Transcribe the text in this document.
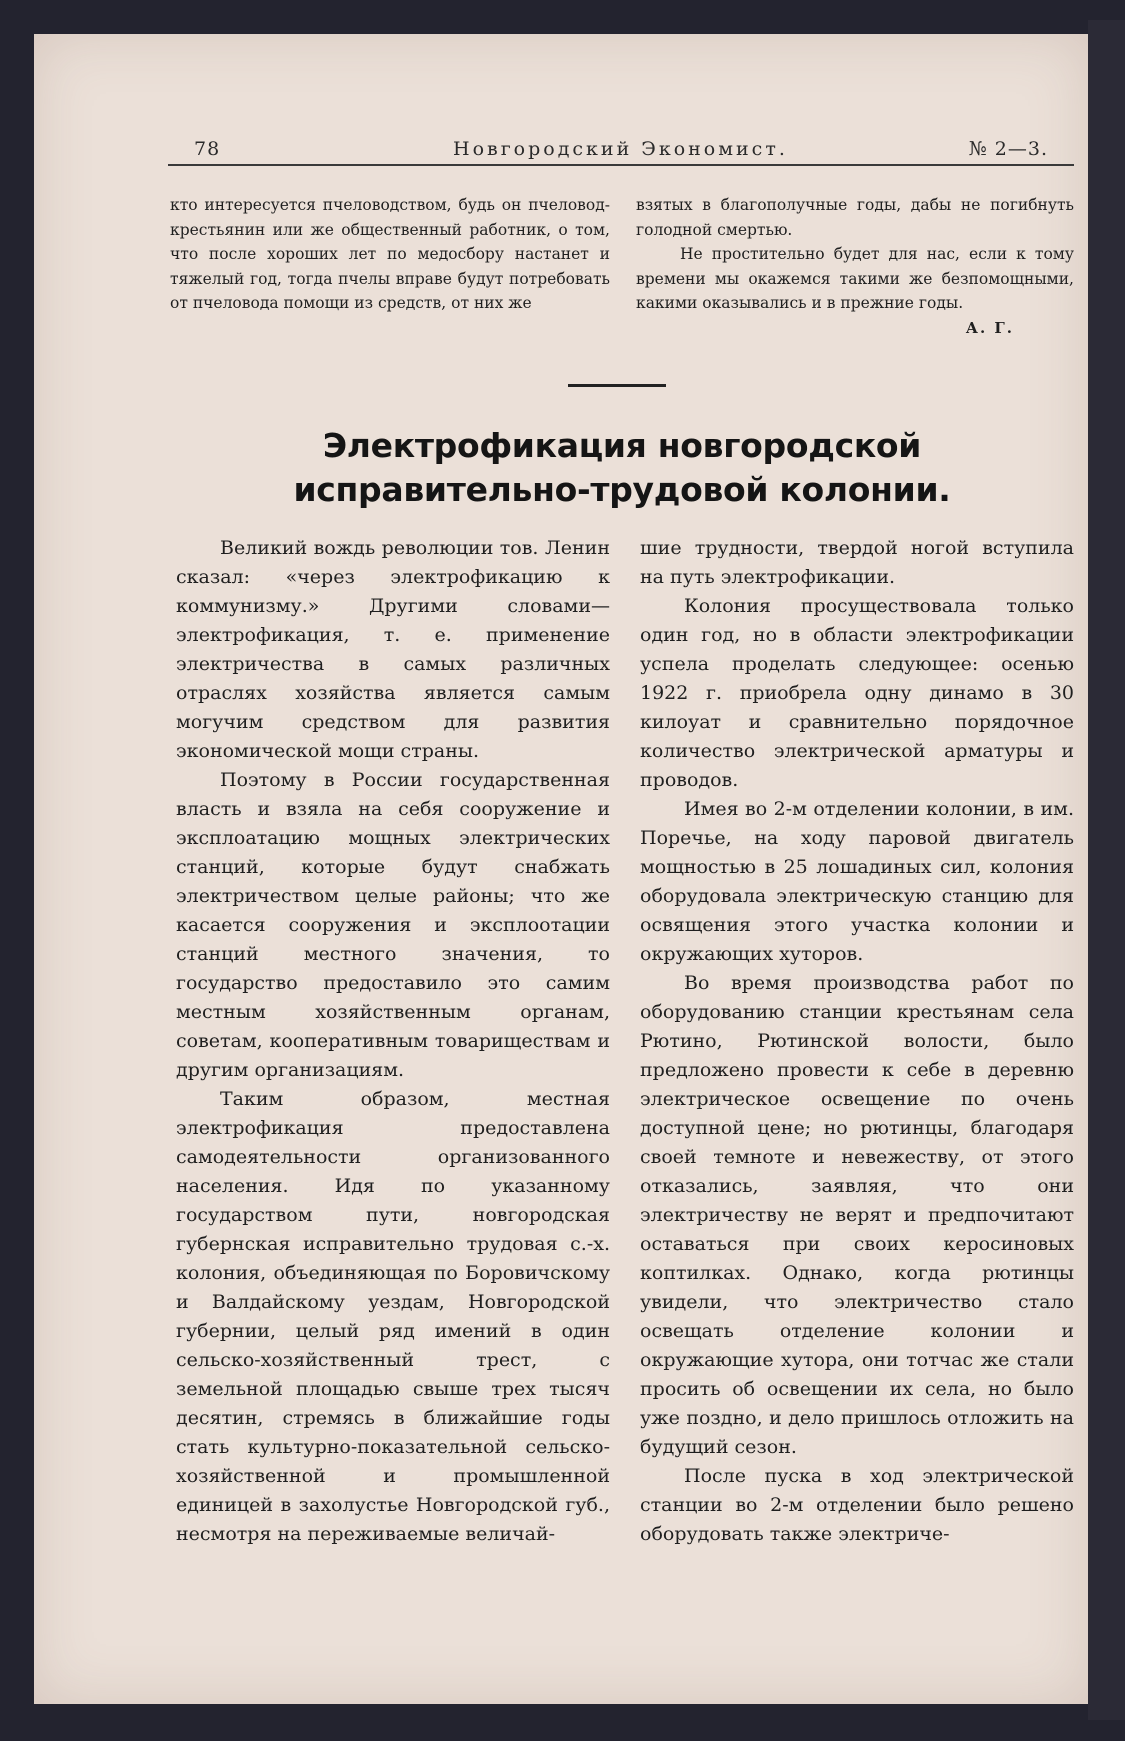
78	Новгородский Экономист.	№ 2—3.

кто интересуется пчеловодством, будь он пчеловод-крестьянин или же общественный работник, о том, что после хороших лет по медосбору настанет и тяжелый год, тогда пчелы вправе будут потребовать от пчеловода помощи из средств, от них же

взятых в благополучные годы, дабы не погибнуть голодной смертью.

Не простительно будет для нас, если к тому времени мы окажемся такими же безпомощными, какими оказывались и в прежние годы.

А. Г.
Электрофикация новгородской исправительно-трудовой колонии.

Великий вождь революции тов. Ленин сказал: «через электрофикацию к коммунизму.» Другими словами—электрофикация, т. е. применение электричества в самых различных отраслях хозяйства является самым могучим средством для развития экономической мощи страны.

Поэтому в России государственная власть и взяла на себя сооружение и эксплоатацию мощных электрических станций, которые будут снабжать электричеством целые районы; что же касается сооружения и эксплоотации станций местного значения, то государство предоставило это самим местным хозяйственным органам, советам, кооперативным товариществам и другим организациям.

Таким образом, местная электрофикация предоставлена самодеятельности организованного населения. Идя по указанному государством пути, новгородская губернская исправительно трудовая с.-х. колония, объединяющая по Боровичскому и Валдайскому уездам, Новгородской губернии, целый ряд имений в один сельско-хозяйственный трест, с земельной площадью свыше трех тысяч десятин, стремясь в ближайшие годы стать культурно-показательной сельско-хозяйственной и промышленной единицей в захолустье Новгородской губ., несмотря на переживаемые величай-

шие трудности, твердой ногой вступила на путь электрофикации.

Колония просуществовала только один год, но в области электрофикации успела проделать следующее: осенью 1922 г. приобрела одну динамо в 30 килоуат и сравнительно порядочное количество электрической арматуры и проводов.

Имея во 2-м отделении колонии, в им. Поречье, на ходу паровой двигатель мощностью в 25 лошадиных сил, колония оборудовала электрическую станцию для освящения этого участка колонии и окружающих хуторов.

Во время производства работ по оборудованию станции крестьянам села Рютино, Рютинской волости, было предложено провести к себе в деревню электрическое освещение по очень доступной цене; но рютинцы, благодаря своей темноте и невежеству, от этого отказались, заявляя, что они электричеству не верят и предпочитают оставаться при своих керосиновых коптилках. Однако, когда рютинцы увидели, что электричество стало освещать отделение колонии и окружающие хутора, они тотчас же стали просить об освещении их села, но было уже поздно, и дело пришлось отложить на будущий сезон.

После пуска в ход электрической станции во 2-м отделении было решено оборудовать также электриче-
